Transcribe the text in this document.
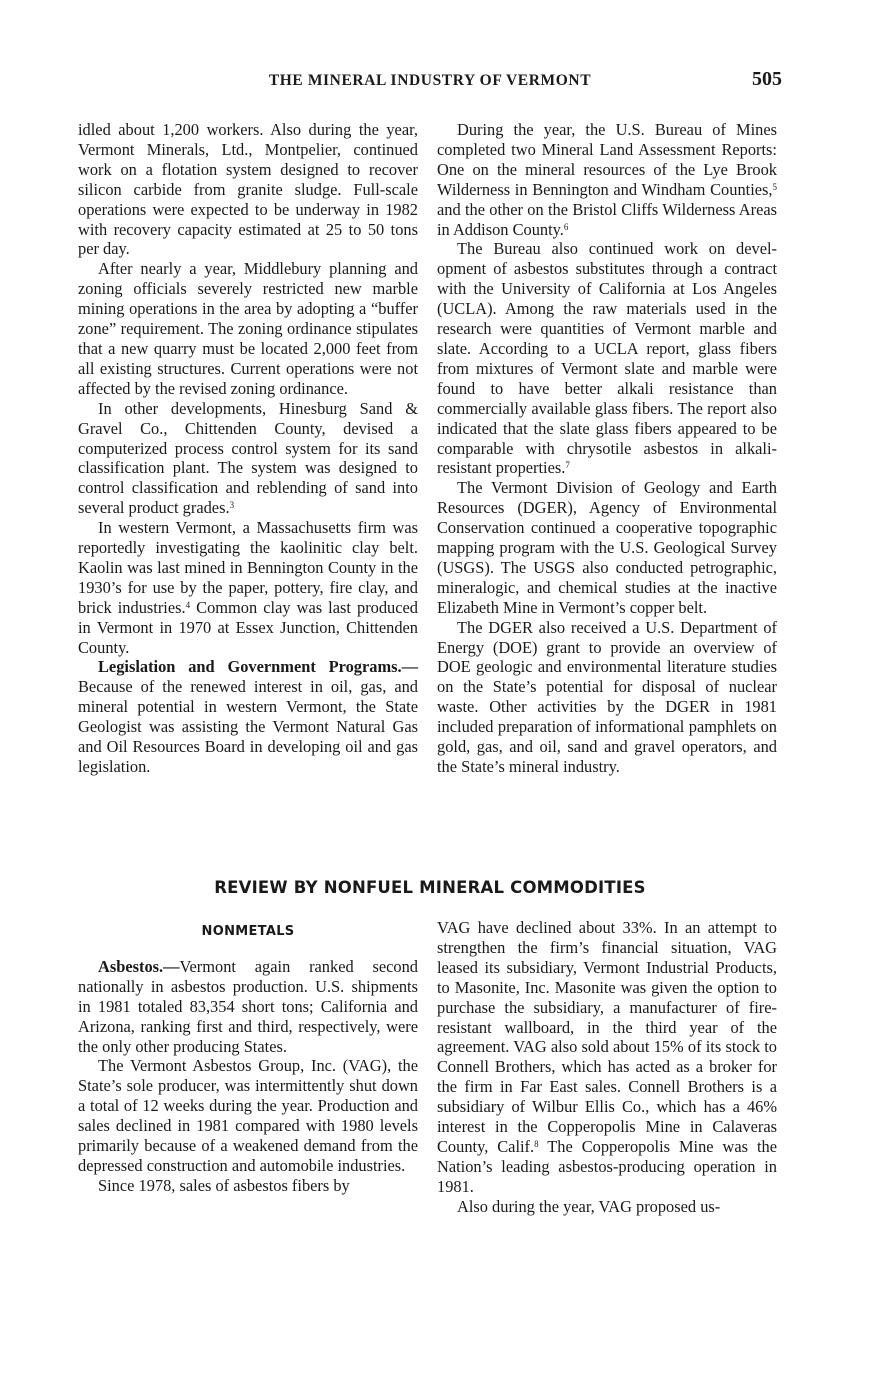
THE MINERAL INDUSTRY OF VERMONT	505

idled about 1,200 workers. Also during the year, Vermont Minerals, Ltd., Montpelier, continued work on a flotation system designed to recover silicon carbide from granite sludge. Full-scale operations were expected to be underway in 1982 with recovery capacity estimated at 25 to 50 tons per day.

After nearly a year, Middlebury planning and zoning officials severely restricted new marble mining operations in the area by adopting a “buffer zone” requirement. The zoning ordinance stipulates that a new quarry must be located 2,000 feet from all existing structures. Current operations were not affected by the revised zoning ordinance.

In other developments, Hinesburg Sand & Gravel Co., Chittenden County, devised a computerized process control system for its sand classification plant. The system was designed to control classification and reblending of sand into several product grades.$^3$

In western Vermont, a Massachusetts firm was reportedly investigating the kaolinitic clay belt. Kaolin was last mined in Bennington County in the 1930’s for use by the paper, pottery, fire clay, and brick industries.$^4$ Common clay was last produced in Vermont in 1970 at Essex Junction, Chittenden County.

Legislation and Government Programs.—Because of the renewed interest in oil, gas, and mineral potential in western Vermont, the State Geologist was assisting the Vermont Natural Gas and Oil Resources Board in developing oil and gas legislation.

During the year, the U.S. Bureau of Mines completed two Mineral Land Assessment Reports: One on the mineral resources of the Lye Brook Wilderness in Bennington and Windham Counties,$^5$ and the other on the Bristol Cliffs Wilderness Areas in Addison County.$^6$

The Bureau also continued work on development of asbestos substitutes through a contract with the University of California at Los Angeles (UCLA). Among the raw materials used in the research were quantities of Vermont marble and slate. According to a UCLA report, glass fibers from mixtures of Vermont slate and marble were found to have better alkali resistance than commercially available glass fibers. The report also indicated that the slate glass fibers appeared to be comparable with chrysotile asbestos in alkali-resistant properties.$^7$

The Vermont Division of Geology and Earth Resources (DGER), Agency of Environmental Conservation continued a cooperative topographic mapping program with the U.S. Geological Survey (USGS). The USGS also conducted petrographic, mineralogic, and chemical studies at the inactive Elizabeth Mine in Vermont’s copper belt.

The DGER also received a U.S. Department of Energy (DOE) grant to provide an overview of DOE geologic and environmental literature studies on the State’s potential for disposal of nuclear waste. Other activities by the DGER in 1981 included preparation of informational pamphlets on gold, gas, and oil, sand and gravel operators, and the State’s mineral industry.

REVIEW BY NONFUEL MINERAL COMMODITIES
NONMETALS

Asbestos.—Vermont again ranked second nationally in asbestos production. U.S. shipments in 1981 totaled 83,354 short tons; California and Arizona, ranking first and third, respectively, were the only other producing States.

The Vermont Asbestos Group, Inc. (VAG), the State’s sole producer, was intermittently shut down a total of 12 weeks during the year. Production and sales declined in 1981 compared with 1980 levels primarily because of a weakened demand from the depressed construction and automobile industries.

Since 1978, sales of asbestos fibers by

VAG have declined about 33%. In an attempt to strengthen the firm’s financial situation, VAG leased its subsidiary, Vermont Industrial Products, to Masonite, Inc. Masonite was given the option to purchase the subsidiary, a manufacturer of fire-resistant wallboard, in the third year of the agreement. VAG also sold about 15% of its stock to Connell Brothers, which has acted as a broker for the firm in Far East sales. Connell Brothers is a subsidiary of Wilbur Ellis Co., which has a 46% interest in the Copperopolis Mine in Calaveras County, Calif.$^8$ The Copperopolis Mine was the Nation’s leading asbestos-producing operation in 1981.

Also during the year, VAG proposed us-
